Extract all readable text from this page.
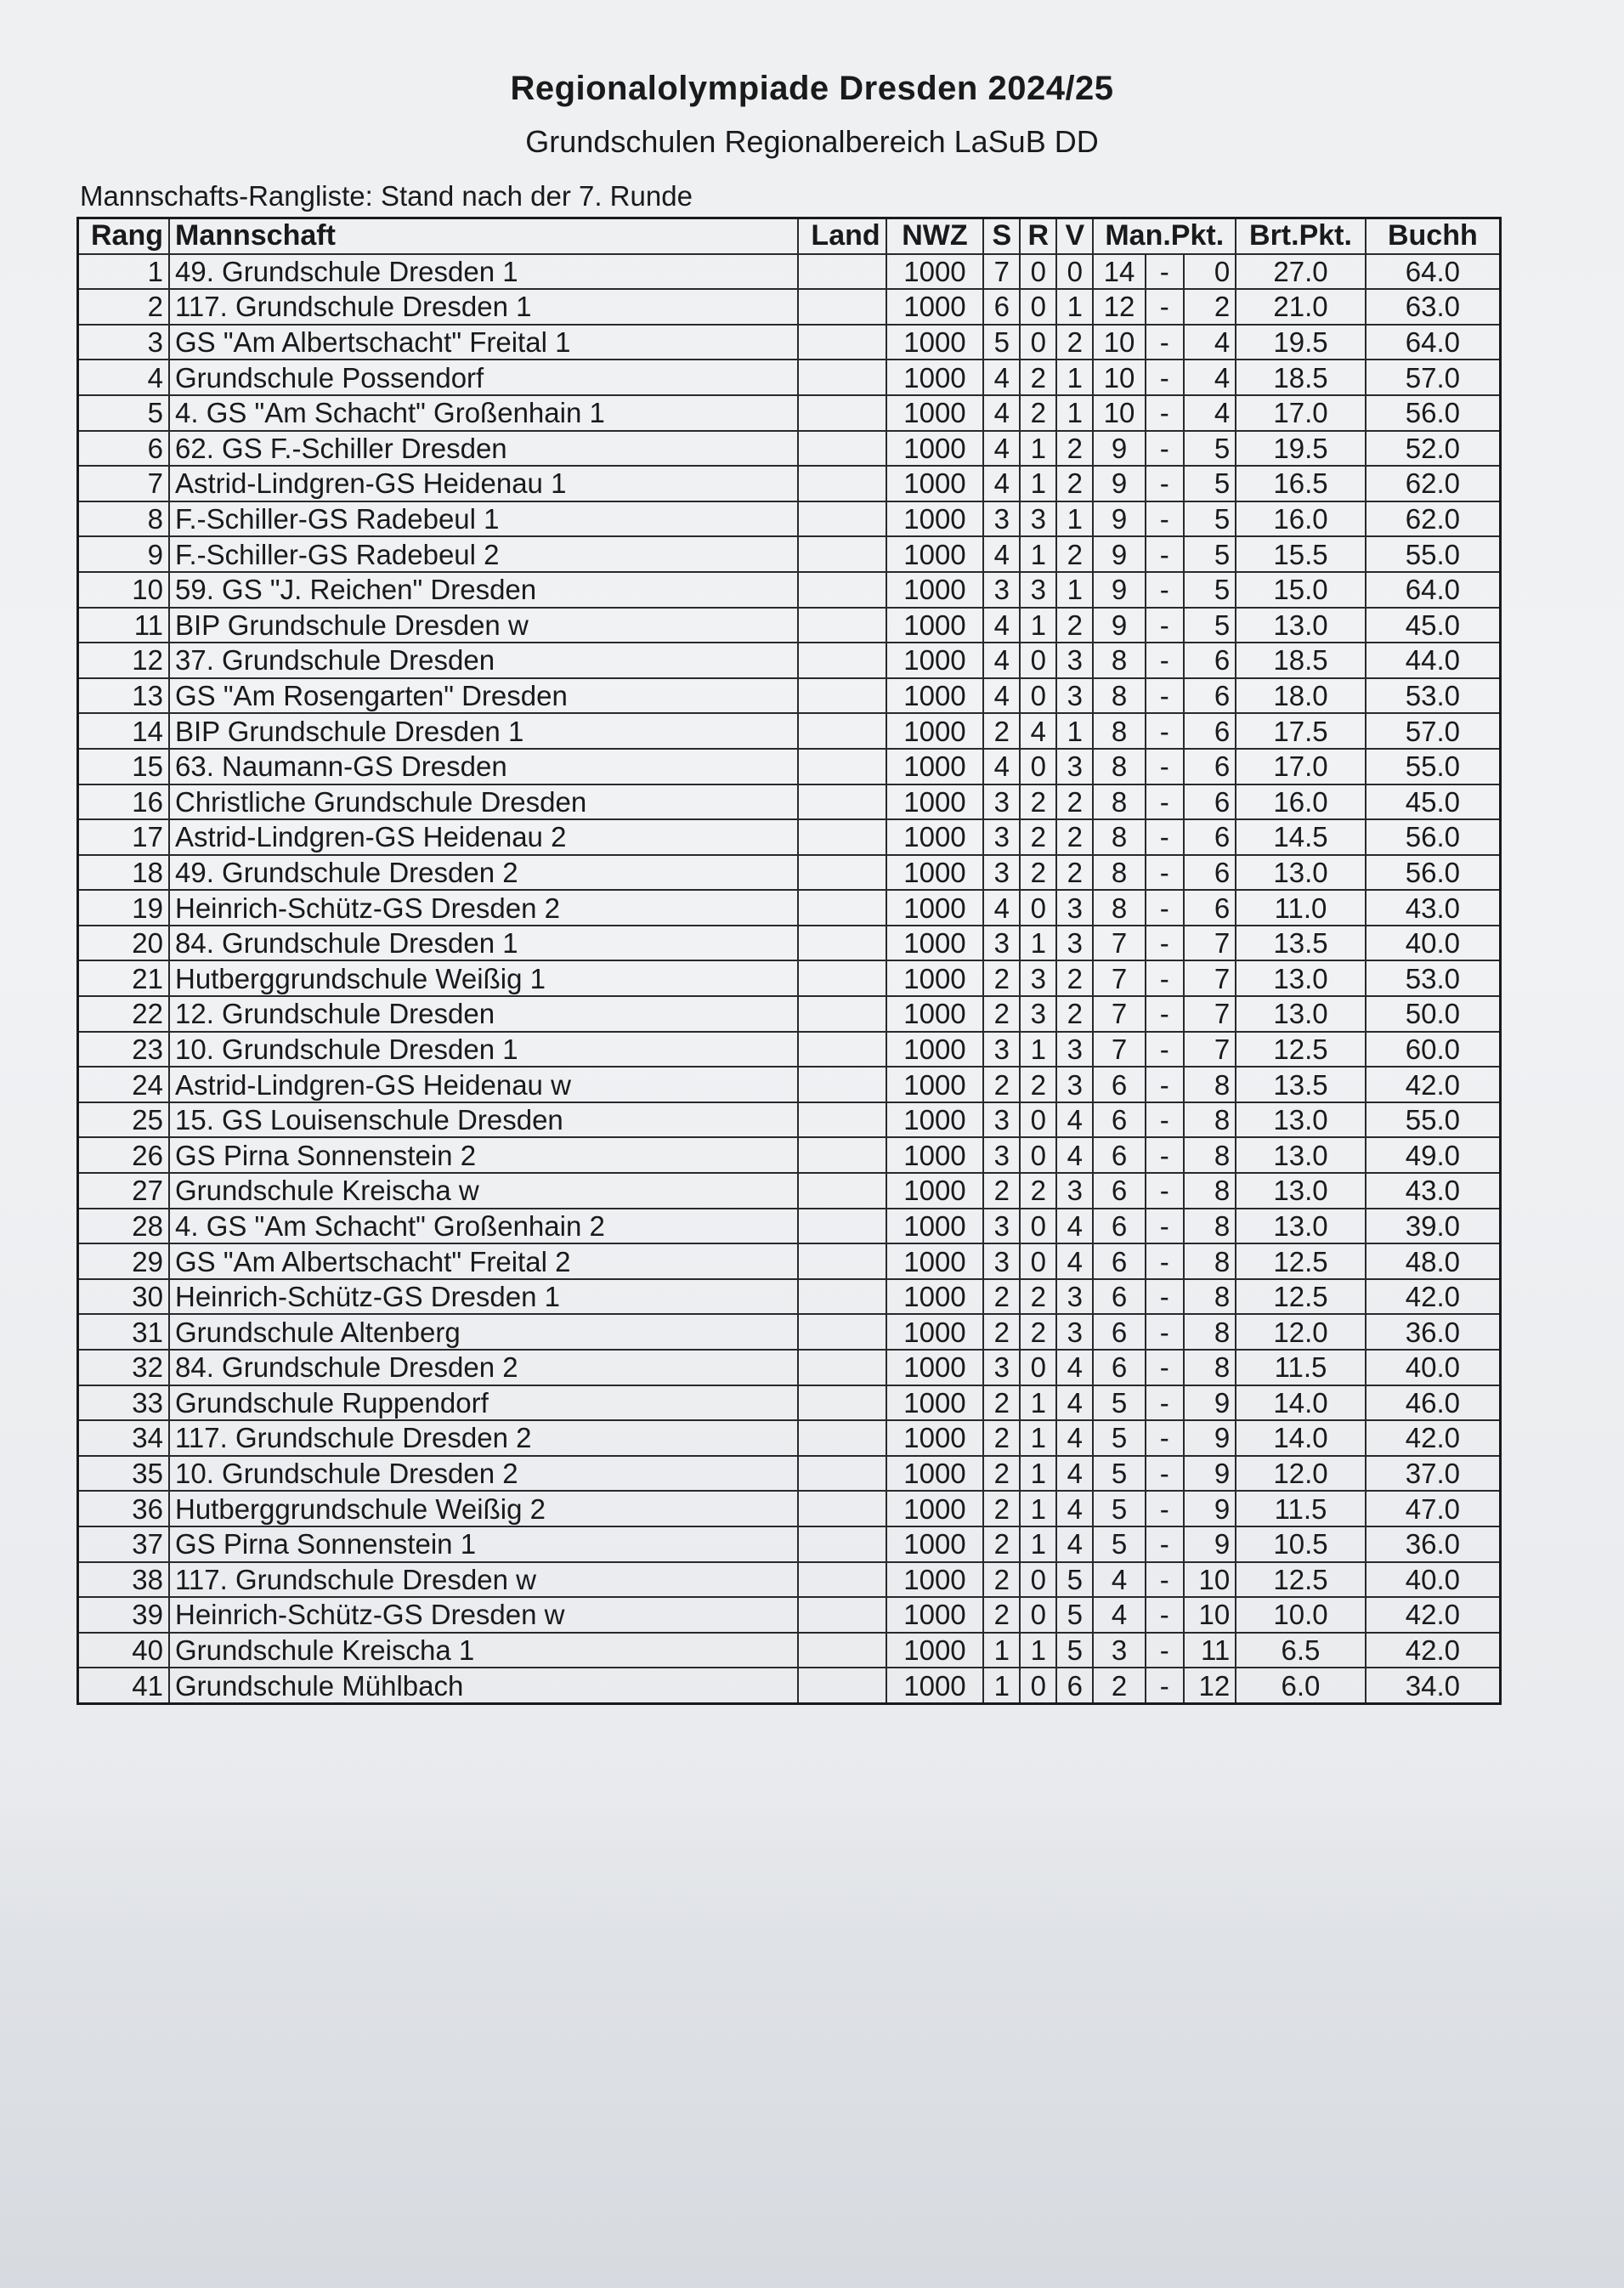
Regionalolympiade Dresden 2024/25
Grundschulen Regionalbereich LaSuB DD
Mannschafts-Rangliste: Stand nach der 7. Runde
Rang	Mannschaft	Land	NWZ	S	R	V	Man.Pkt.			Brt.Pkt.	Buchh
1	49. Grundschule Dresden 1		1000	7	0	0	14	-	0	27.0	64.0
2	117. Grundschule Dresden 1		1000	6	0	1	12	-	2	21.0	63.0
3	GS "Am Albertschacht" Freital 1		1000	5	0	2	10	-	4	19.5	64.0
4	Grundschule Possendorf		1000	4	2	1	10	-	4	18.5	57.0
5	4. GS "Am Schacht" Großenhain 1		1000	4	2	1	10	-	4	17.0	56.0
6	62. GS F.-Schiller Dresden		1000	4	1	2	9	-	5	19.5	52.0
7	Astrid-Lindgren-GS Heidenau 1		1000	4	1	2	9	-	5	16.5	62.0
8	F.-Schiller-GS Radebeul 1		1000	3	3	1	9	-	5	16.0	62.0
9	F.-Schiller-GS Radebeul 2		1000	4	1	2	9	-	5	15.5	55.0
10	59. GS "J. Reichen" Dresden		1000	3	3	1	9	-	5	15.0	64.0
11	BIP Grundschule Dresden w		1000	4	1	2	9	-	5	13.0	45.0
12	37. Grundschule Dresden		1000	4	0	3	8	-	6	18.5	44.0
13	GS "Am Rosengarten" Dresden		1000	4	0	3	8	-	6	18.0	53.0
14	BIP Grundschule Dresden 1		1000	2	4	1	8	-	6	17.5	57.0
15	63. Naumann-GS Dresden		1000	4	0	3	8	-	6	17.0	55.0
16	Christliche Grundschule Dresden		1000	3	2	2	8	-	6	16.0	45.0
17	Astrid-Lindgren-GS Heidenau 2		1000	3	2	2	8	-	6	14.5	56.0
18	49. Grundschule Dresden 2		1000	3	2	2	8	-	6	13.0	56.0
19	Heinrich-Schütz-GS Dresden 2		1000	4	0	3	8	-	6	11.0	43.0
20	84. Grundschule Dresden 1		1000	3	1	3	7	-	7	13.5	40.0
21	Hutberggrundschule Weißig 1		1000	2	3	2	7	-	7	13.0	53.0
22	12. Grundschule Dresden		1000	2	3	2	7	-	7	13.0	50.0
23	10. Grundschule Dresden 1		1000	3	1	3	7	-	7	12.5	60.0
24	Astrid-Lindgren-GS Heidenau w		1000	2	2	3	6	-	8	13.5	42.0
25	15. GS Louisenschule Dresden		1000	3	0	4	6	-	8	13.0	55.0
26	GS Pirna Sonnenstein 2		1000	3	0	4	6	-	8	13.0	49.0
27	Grundschule Kreischa w		1000	2	2	3	6	-	8	13.0	43.0
28	4. GS "Am Schacht" Großenhain 2		1000	3	0	4	6	-	8	13.0	39.0
29	GS "Am Albertschacht" Freital 2		1000	3	0	4	6	-	8	12.5	48.0
30	Heinrich-Schütz-GS Dresden 1		1000	2	2	3	6	-	8	12.5	42.0
31	Grundschule Altenberg		1000	2	2	3	6	-	8	12.0	36.0
32	84. Grundschule Dresden 2		1000	3	0	4	6	-	8	11.5	40.0
33	Grundschule Ruppendorf		1000	2	1	4	5	-	9	14.0	46.0
34	117. Grundschule Dresden 2		1000	2	1	4	5	-	9	14.0	42.0
35	10. Grundschule Dresden 2		1000	2	1	4	5	-	9	12.0	37.0
36	Hutberggrundschule Weißig 2		1000	2	1	4	5	-	9	11.5	47.0
37	GS Pirna Sonnenstein 1		1000	2	1	4	5	-	9	10.5	36.0
38	117. Grundschule Dresden w		1000	2	0	5	4	-	10	12.5	40.0
39	Heinrich-Schütz-GS Dresden w		1000	2	0	5	4	-	10	10.0	42.0
40	Grundschule Kreischa 1		1000	1	1	5	3	-	11	6.5	42.0
41	Grundschule Mühlbach		1000	1	0	6	2	-	12	6.0	34.0
